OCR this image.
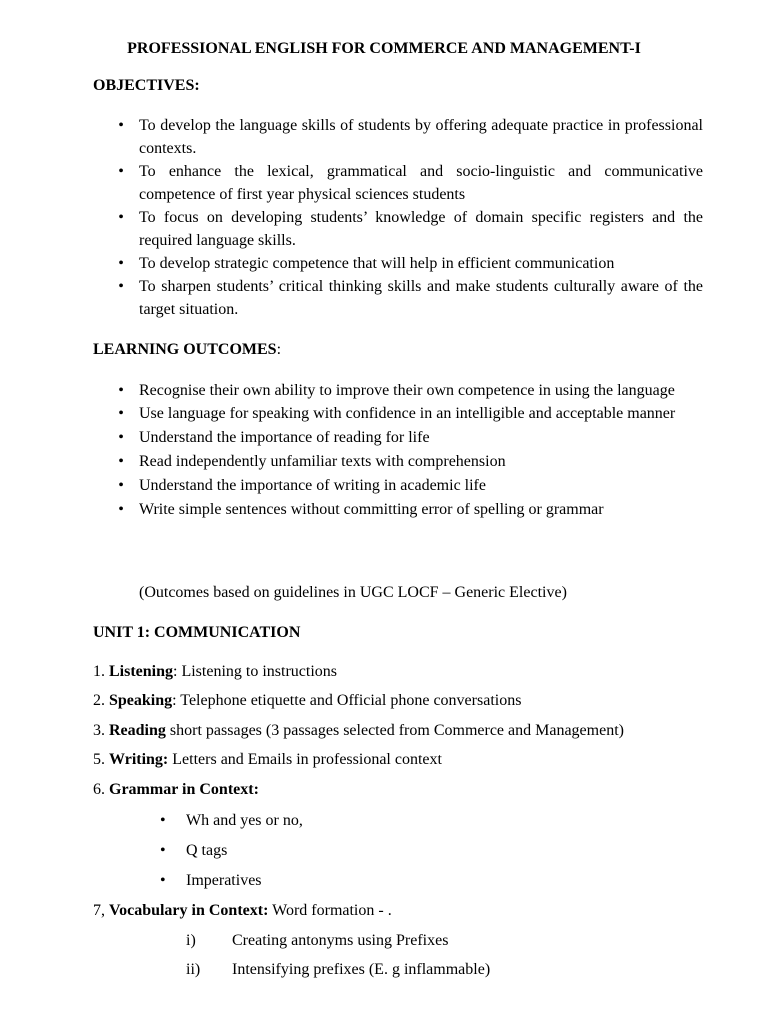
PROFESSIONAL ENGLISH FOR COMMERCE AND MANAGEMENT-I

OBJECTIVES:

• To develop the language skills of students by offering adequate practice in professional contexts.
• To enhance the lexical, grammatical and socio-linguistic and communicative competence of first year physical sciences students
• To focus on developing students’ knowledge of domain specific registers and the required language skills.
• To develop strategic competence that will help in efficient communication
• To sharpen students’ critical thinking skills and make students culturally aware of the target situation.

LEARNING OUTCOMES:

• Recognise their own ability to improve their own competence in using the language
• Use language for speaking with confidence in an intelligible and acceptable manner
• Understand the importance of reading for life
• Read independently unfamiliar texts with comprehension
• Understand the importance of writing in academic life
• Write simple sentences without committing error of spelling or grammar

(Outcomes based on guidelines in UGC LOCF – Generic Elective)

UNIT 1: COMMUNICATION

1. Listening: Listening to instructions

2. Speaking: Telephone etiquette and Official phone conversations

3. Reading short passages (3 passages selected from Commerce and Management)

5. Writing: Letters and Emails in professional context

6. Grammar in Context:

• Wh and yes or no,

• Q tags

• Imperatives

7, Vocabulary in Context: Word formation - .

i) Creating antonyms using Prefixes

ii) Intensifying prefixes (E. g inflammable)
